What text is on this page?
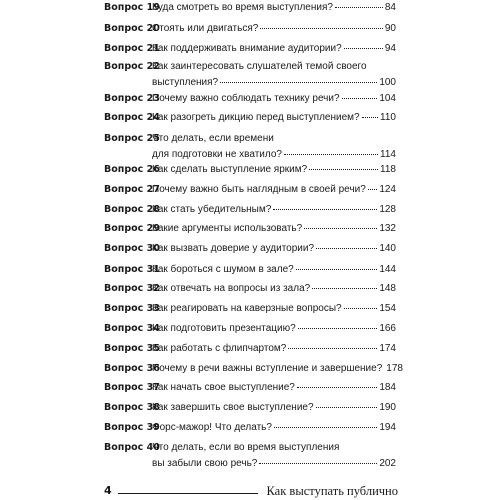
Вопрос 19
Куда смотреть во время выступления?	84
Вопрос 20
Стоять или двигаться?	90
Вопрос 21
Как поддерживать внимание аудитории?	94
Вопрос 22
Как заинтересовать слушателей темой своего
выступления?	100
Вопрос 23
Почему важно соблюдать технику речи?	104
Вопрос 24
Как разогреть дикцию перед выступлением? 110
Вопрос 25
Что делать, если времени
для подготовки не хватило?	114
Вопрос 26
Как сделать выступление ярким?	118
Вопрос 27
Почему важно быть наглядным в своей речи? 124
Вопрос 28
Как стать убедительным?	128
Вопрос 29
Какие аргументы использовать?	132
Вопрос 30
Как вызвать доверие у аудитории?	140
Вопрос 31
Как бороться с шумом в зале?	144
Вопрос 32
Как отвечать на вопросы из зала?	148
Вопрос 33
Как реагировать на каверзные вопросы?	154
Вопрос 34
Как подготовить презентацию?	166
Вопрос 35
Как работать с флипчартом?	174
Вопрос 36
Почему в речи важны вступление и завершение? 178
Вопрос 37
Как начать свое выступление?	184
Вопрос 38
Как завершить свое выступление?	190
Вопрос 39
Форс-мажор! Что делать?	194
Вопрос 40
Что делать, если во время выступления
вы забыли свою речь?	202
4	Как выступать публично
